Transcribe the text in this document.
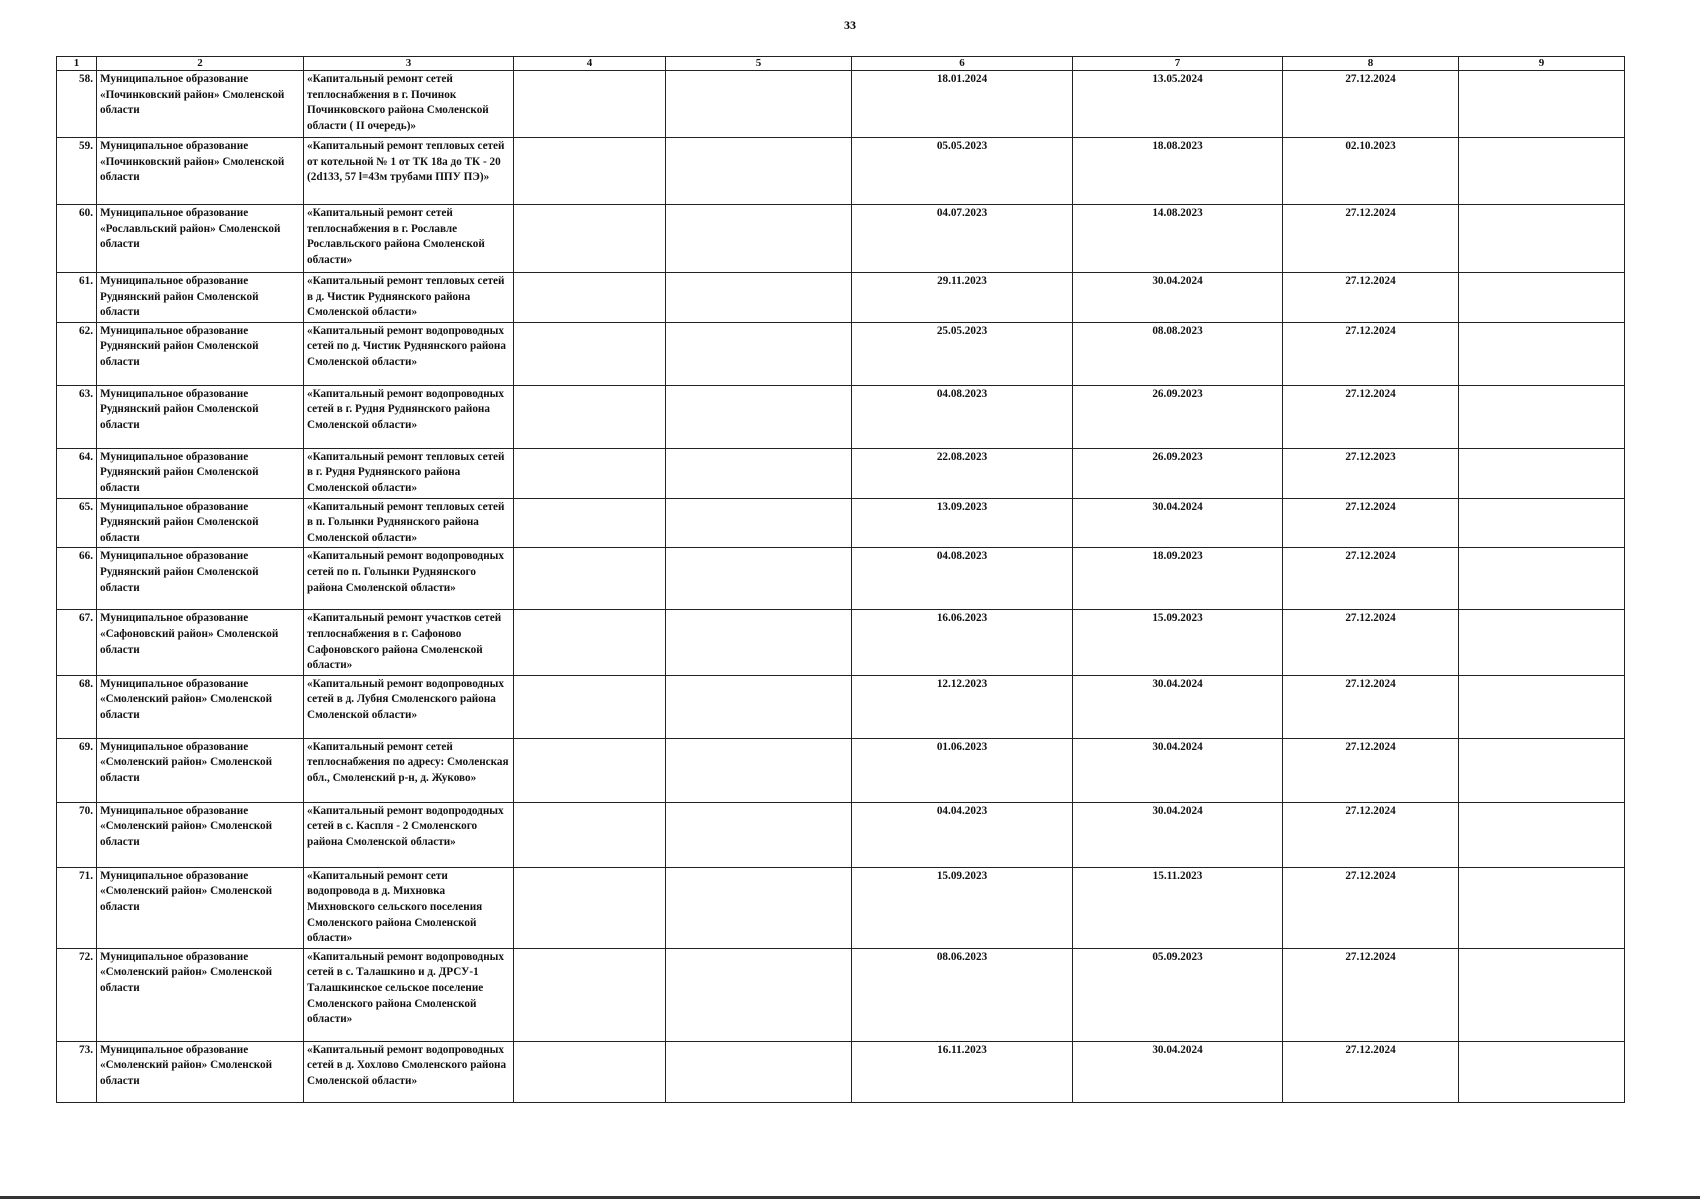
33
1	2	3	4	5	6	7	8	9
58.	Муниципальное образование «Починковский район» Смоленской области	«Капитальный ремонт сетей теплоснабжения в г. Починок Починковского района Смоленской области ( II очередь)»			18.01.2024	13.05.2024	27.12.2024	
59.	Муниципальное образование «Починковский район» Смоленской области	«Капитальный ремонт тепловых сетей от котельной № 1 от ТК 18а до ТК - 20 (2d133, 57 l=43м трубами ППУ ПЭ)»			05.05.2023	18.08.2023	02.10.2023	
60.	Муниципальное образование «Рославльский район» Смоленской области	«Капитальный ремонт сетей теплоснабжения в г. Рославле Рославльского района Смоленской области»			04.07.2023	14.08.2023	27.12.2024	
61.	Муниципальное образование Руднянский район Смоленской области	«Капитальный ремонт тепловых сетей в д. Чистик Руднянского района Смоленской области»			29.11.2023	30.04.2024	27.12.2024	
62.	Муниципальное образование Руднянский район Смоленской области	«Капитальный ремонт водопроводных сетей по д. Чистик Руднянского района Смоленской области»			25.05.2023	08.08.2023	27.12.2024	
63.	Муниципальное образование Руднянский район Смоленской области	«Капитальный ремонт водопроводных сетей в г. Рудня Руднянского района Смоленской области»			04.08.2023	26.09.2023	27.12.2024	
64.	Муниципальное образование Руднянский район Смоленской области	«Капитальный ремонт тепловых сетей в г. Рудня Руднянского района Смоленской области»			22.08.2023	26.09.2023	27.12.2023	
65.	Муниципальное образование Руднянский район Смоленской области	«Капитальный ремонт тепловых сетей в п. Голынки Руднянского района Смоленской области»			13.09.2023	30.04.2024	27.12.2024	
66.	Муниципальное образование Руднянский район Смоленской области	«Капитальный ремонт водопроводных сетей по п. Голынки Руднянского района Смоленской области»			04.08.2023	18.09.2023	27.12.2024	
67.	Муниципальное образование «Сафоновский район» Смоленской области	«Капитальный ремонт участков сетей теплоснабжения в г. Сафоново Сафоновского района Смоленской области»			16.06.2023	15.09.2023	27.12.2024	
68.	Муниципальное образование «Смоленский район» Смоленской области	«Капитальный ремонт водопроводных сетей в д. Лубня Смоленского района Смоленской области»			12.12.2023	30.04.2024	27.12.2024	
69.	Муниципальное образование «Смоленский район» Смоленской области	«Капитальный ремонт сетей теплоснабжения по адресу: Смоленская обл., Смоленский р-н, д. Жуково»			01.06.2023	30.04.2024	27.12.2024	
70.	Муниципальное образование «Смоленский район» Смоленской области	«Капитальный ремонт водопрододных сетей в с. Каспля - 2 Смоленского района Смоленской области»			04.04.2023	30.04.2024	27.12.2024	
71.	Муниципальное образование «Смоленский район» Смоленской области	«Капитальный ремонт сети водопровода в д. Михновка Михновского сельского поселения Смоленского района Смоленской области»			15.09.2023	15.11.2023	27.12.2024	
72.	Муниципальное образование «Смоленский район» Смоленской области	«Капитальный ремонт водопроводных сетей в с. Талашкино и д. ДРСУ-1 Талашкинское сельское поселение Смоленского района Смоленской области»			08.06.2023	05.09.2023	27.12.2024	
73.	Муниципальное образование «Смоленский район» Смоленской области	«Капитальный ремонт водопроводных сетей в д. Хохлово Смоленского района Смоленской области»			16.11.2023	30.04.2024	27.12.2024	
